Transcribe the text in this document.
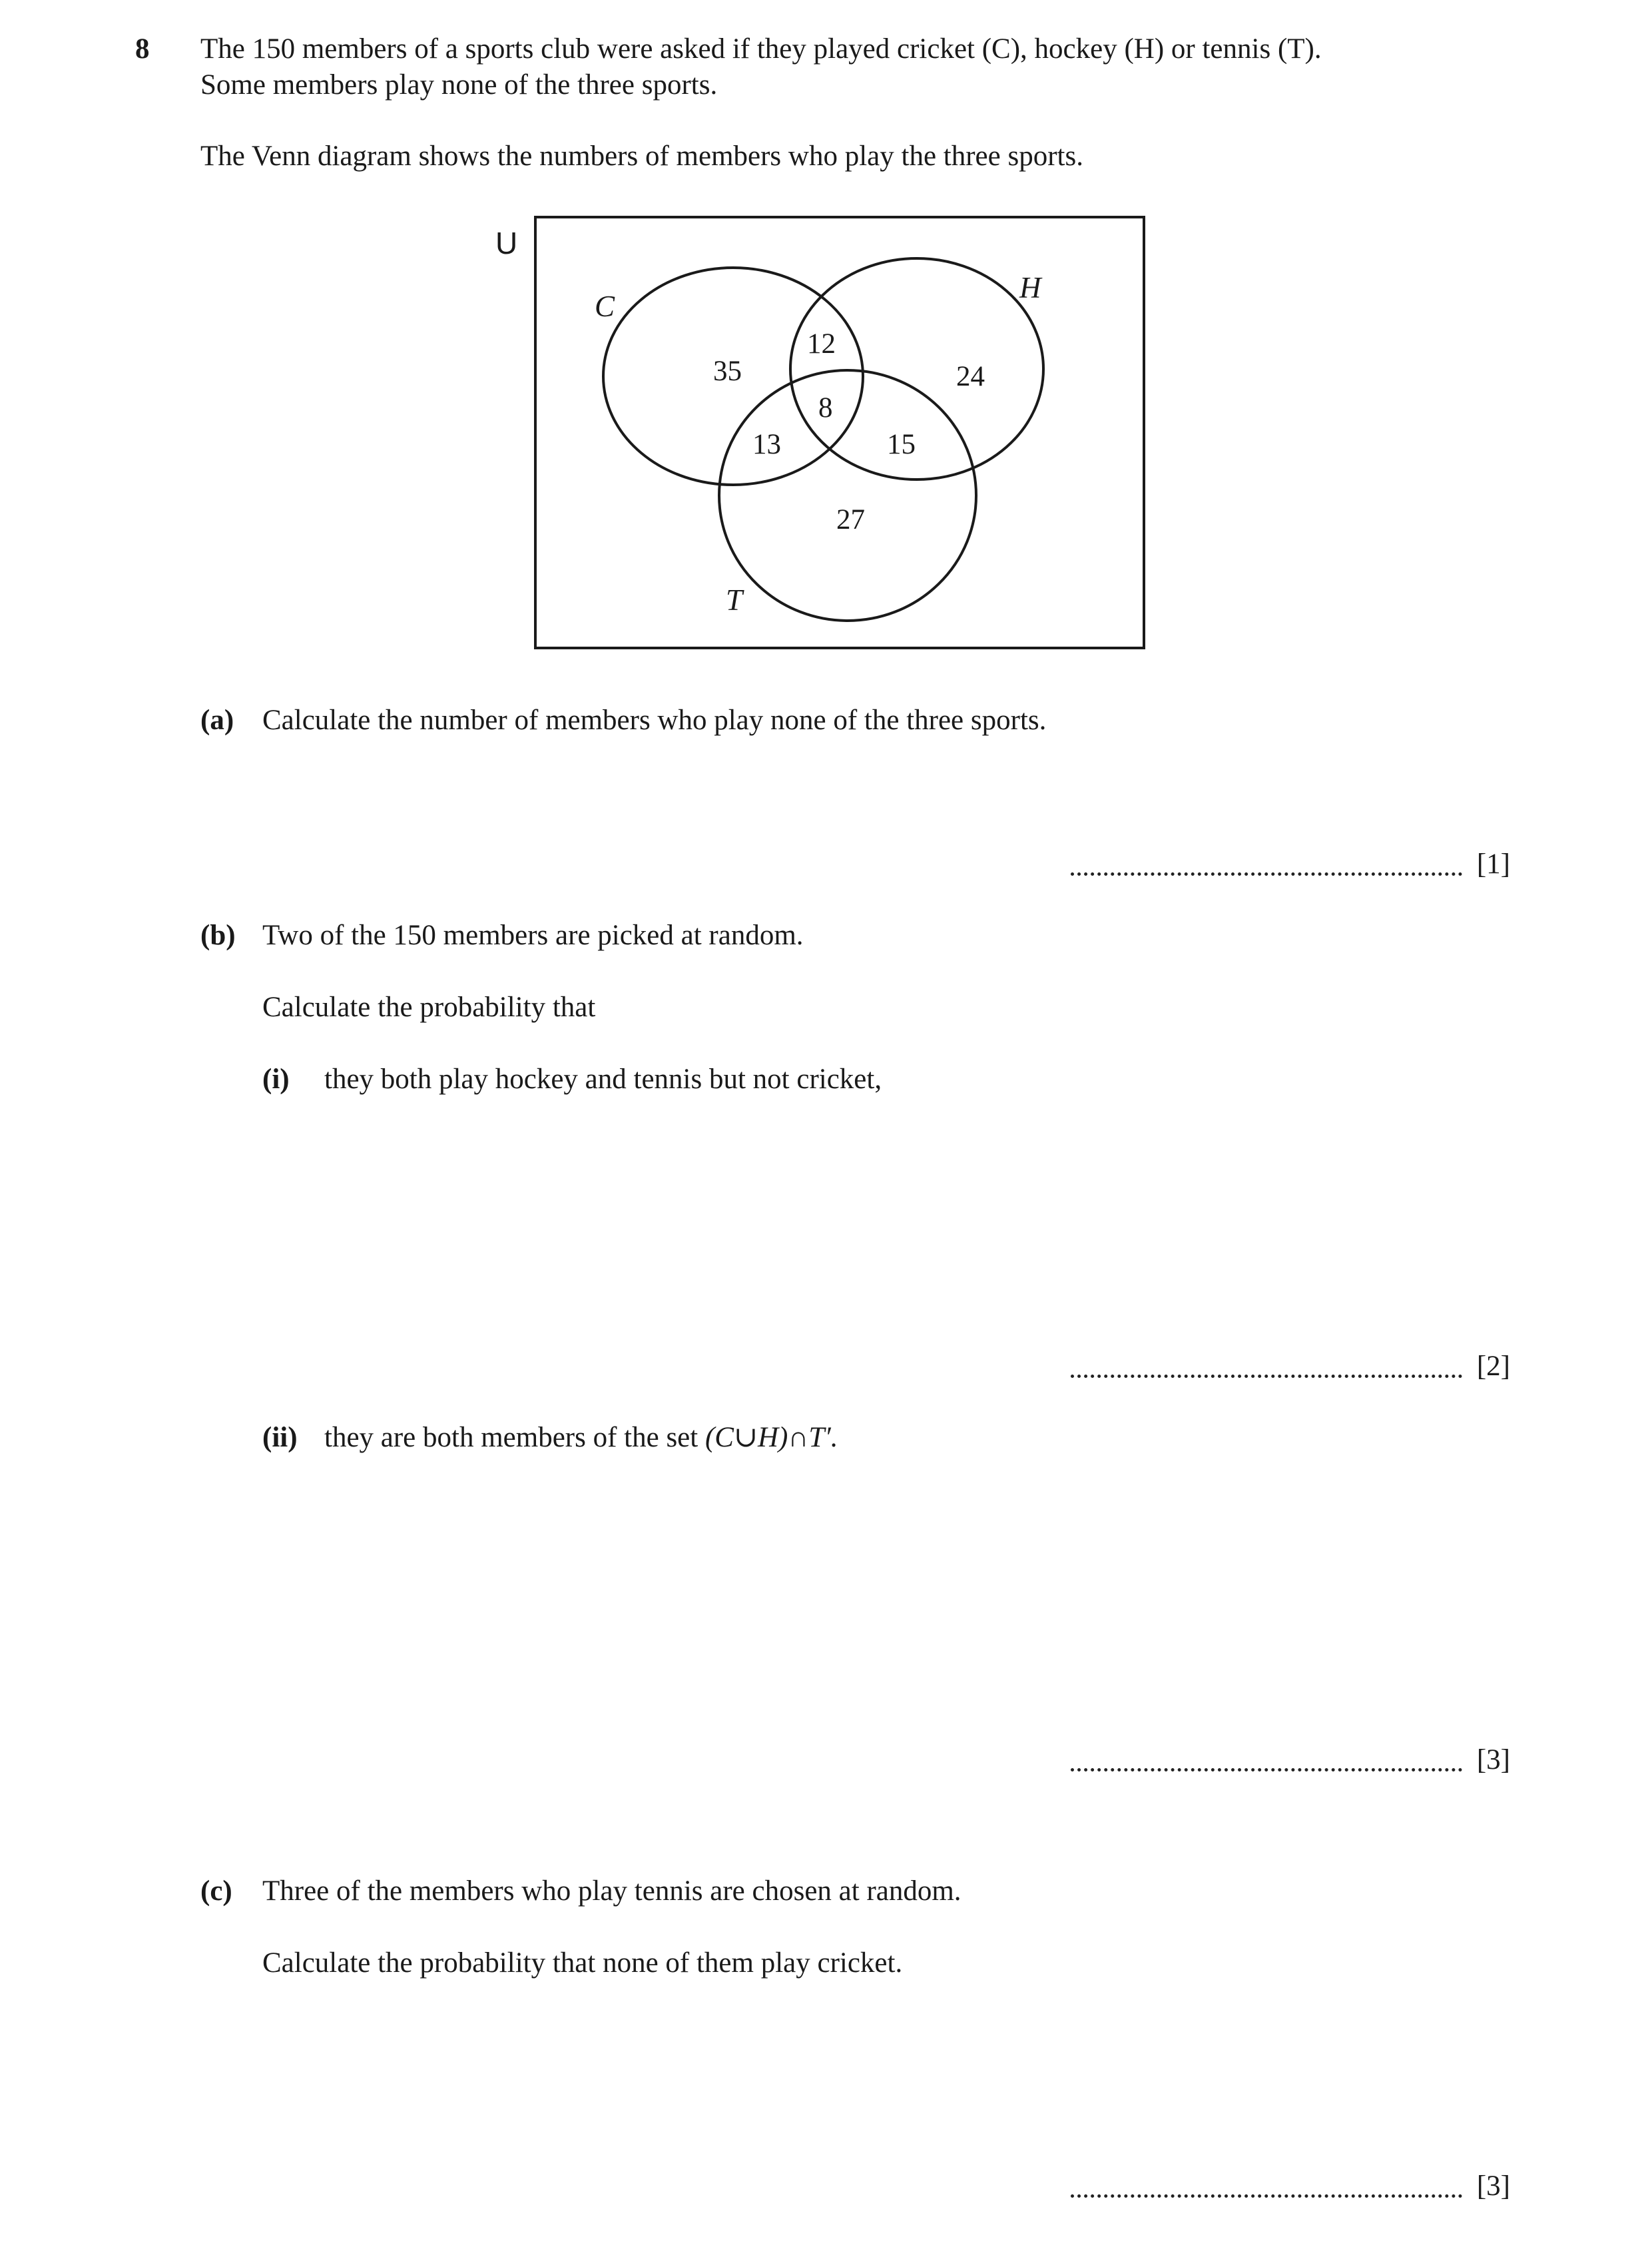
8 The 150 members of a sports club were asked if they played cricket (C), hockey (H) or tennis (T).
Some members play none of the three sports.
The Venn diagram shows the numbers of members who play the three sports.
U
C
H
T
35
12
24
8
13	15
27
(a) Calculate the number of members who play none of the three sports.
[1]
(b) Two of the 150 members are picked at random.
Calculate the probability that
(i) they both play hockey and tennis but not cricket,
[2]
(ii) they are both members of the set (C∪H)∩T′.
[3]
(c) Three of the members who play tennis are chosen at random.
Calculate the probability that none of them play cricket.
[3]
